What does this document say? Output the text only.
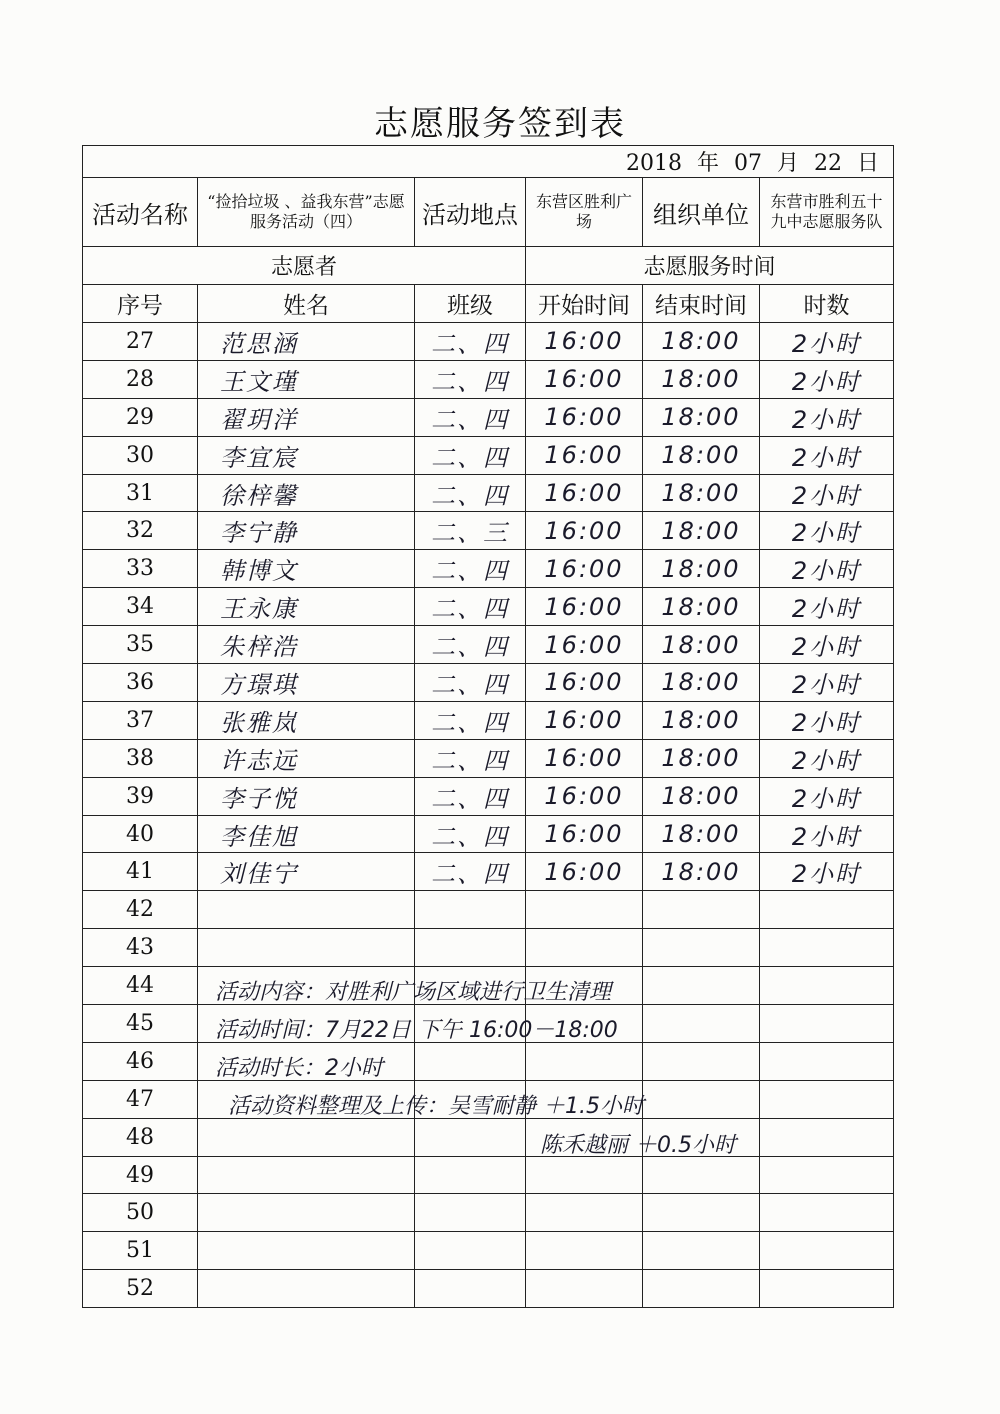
志愿服务签到表
2018 年 07 月 22 日					
活动名称	“捡拾垃圾 、益我东营”志愿服务活动（四）	活动地点	东营区胜利广场	组织单位	东营市胜利五十九中志愿服务队
志愿者			志愿服务时间		
序号	姓名	班级	开始时间	结束时间	时数
27	范思涵	二、四	16:00	18:00	2小时
28	王文瑾	二、四	16:00	18:00	2小时
29	翟玥洋	二、四	16:00	18:00	2小时
30	李宜宸	二、四	16:00	18:00	2小时
31	徐梓馨	二、四	16:00	18:00	2小时
32	李宁静	二、三	16:00	18:00	2小时
33	韩博文	二、四	16:00	18:00	2小时
34	王永康	二、四	16:00	18:00	2小时
35	朱梓浩	二、四	16:00	18:00	2小时
36	方璟琪	二、四	16:00	18:00	2小时
37	张雅岚	二、四	16:00	18:00	2小时
38	许志远	二、四	16:00	18:00	2小时
39	李子悦	二、四	16:00	18:00	2小时
40	李佳旭	二、四	16:00	18:00	2小时
41	刘佳宁	二、四	16:00	18:00	2小时
42					
43					
44					
45					
46					
47					
48					
49					
50					
51					
52					
活动内容：对胜利广场区域进行卫生清理
活动时间：7月22日 下午 16:00－18:00
活动时长：2小时
活动资料整理及上传：吴雪耐静 ＋1.5小时
陈禾越丽 ＋0.5小时
